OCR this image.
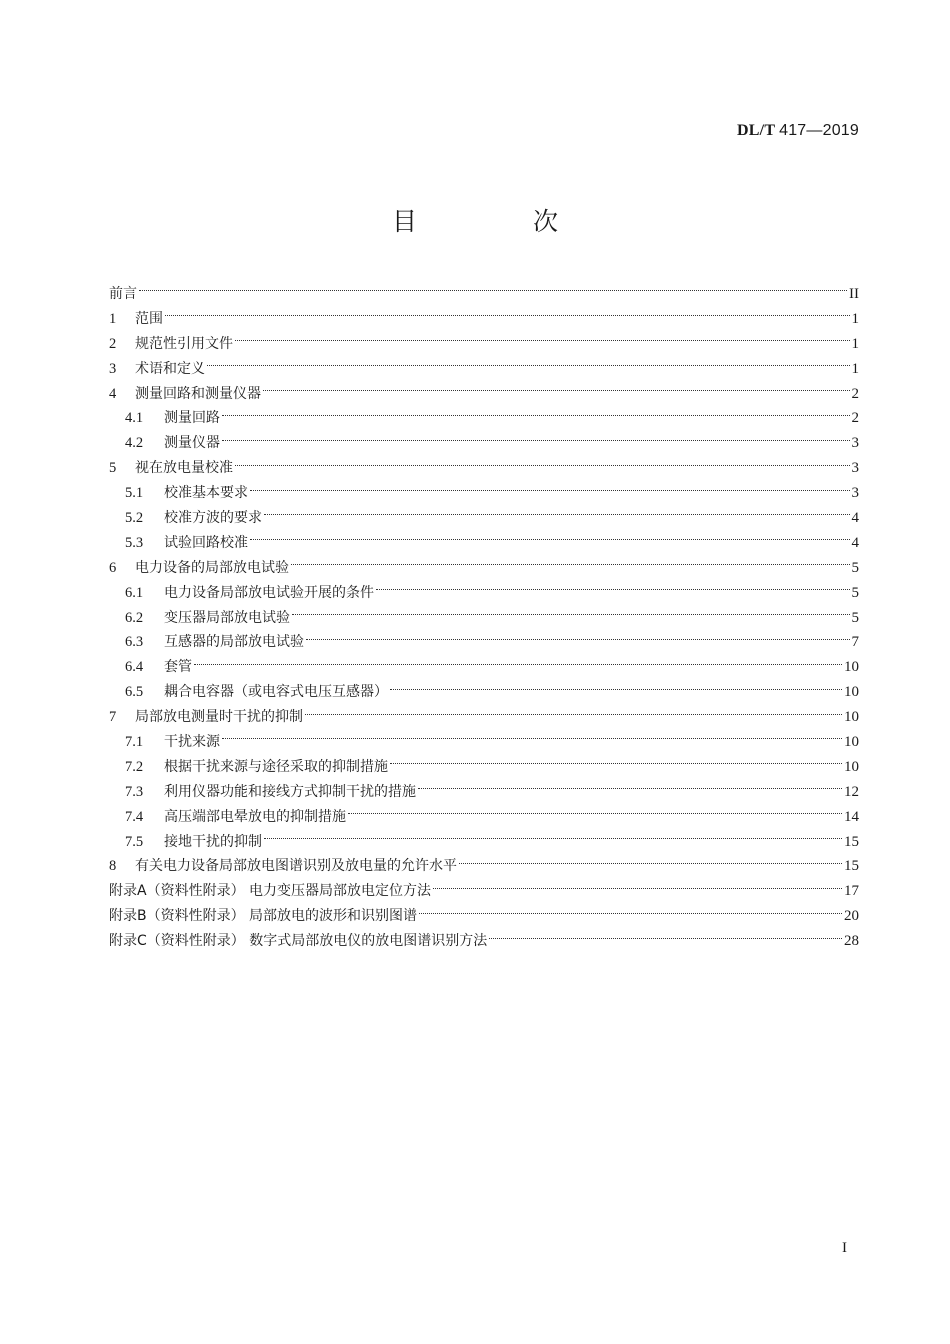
DL/T 417—2019
目 次
前言	II
1	范围	1
2	规范性引用文件	1
3	术语和定义	1
4	测量回路和测量仪器	2
4.1	测量回路	2
4.2	测量仪器	3
5	视在放电量校准	3
5.1	校准基本要求	3
5.2	校准方波的要求	4
5.3	试验回路校准	4
6	电力设备的局部放电试验	5
6.1	电力设备局部放电试验开展的条件	5
6.2	变压器局部放电试验	5
6.3	互感器的局部放电试验	7
6.4	套管	10
6.5	耦合电容器（或电容式电压互感器）	10
7	局部放电测量时干扰的抑制	10
7.1	干扰来源	10
7.2	根据干扰来源与途径采取的抑制措施	10
7.3	利用仪器功能和接线方式抑制干扰的措施	12
7.4	高压端部电晕放电的抑制措施	14
7.5	接地干扰的抑制	15
8	有关电力设备局部放电图谱识别及放电量的允许水平	15
附录A（资料性附录） 电力变压器局部放电定位方法	17
附录B（资料性附录） 局部放电的波形和识别图谱	20
附录C（资料性附录） 数字式局部放电仪的放电图谱识别方法	28
I
